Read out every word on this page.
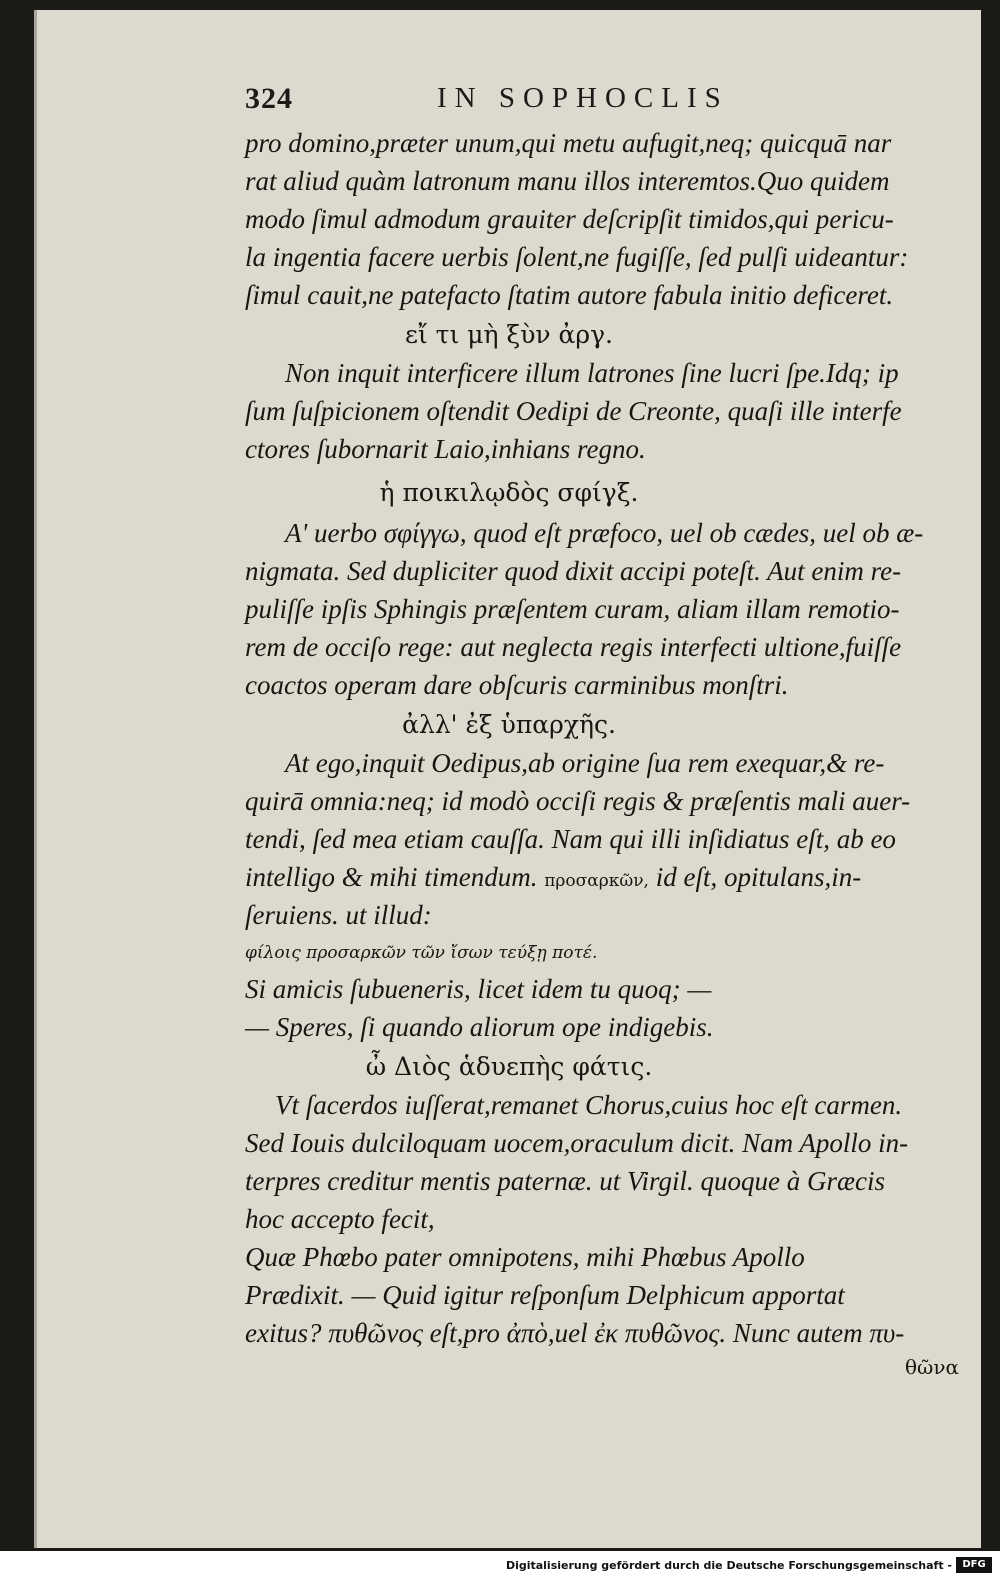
324	IN SOPHOCLIS
pro domino,præter unum,qui metu aufugit,neq; quicquā nar
rat aliud quàm latronum manu illos interemtos.Quo quidem
modo ſimul admodum grauiter deſcripſit timidos,qui pericu-
la ingentia facere uerbis ſolent,ne fugiſſe, ſed pulſi uideantur:
ſimul cauit,ne patefacto ſtatim autore fabula initio deficeret.
εἴ τι μὴ ξὺν ἀργ.
Non inquit interficere illum latrones ſine lucri ſpe.Idq; ip
ſum ſuſpicionem oſtendit Oedipi de Creonte, quaſi ille interfe
ctores ſubornarit Laio,inhians regno.
ἡ ποικιλῳδὸς σφίγξ.
A' uerbo σφίγγω, quod eſt præfoco, uel ob cædes, uel ob æ-
nigmata. Sed dupliciter quod dixit accipi poteſt. Aut enim re-
puliſſe ipſis Sphingis præſentem curam, aliam illam remotio-
rem de occiſo rege: aut neglecta regis interfecti ultione,fuiſſe
coactos operam dare obſcuris carminibus monſtri.
ἀλλ' ἐξ ὑπαρχῆς.
At ego,inquit Oedipus,ab origine ſua rem exequar,& re-
quirā omnia:neq; id modò occiſi regis & præſentis mali auer-
tendi, ſed mea etiam cauſſa. Nam qui illi inſidiatus eſt, ab eo
intelligo & mihi timendum. προσαρκῶν, id eſt, opitulans,in-
ſeruiens. ut illud:
φίλοις προσαρκῶν τῶν ἴσων τεύξῃ ποτέ.
Si amicis ſubueneris, licet idem tu quoq; —
— Speres, ſi quando aliorum ope indigebis.
ὦ Διὸς ἁδυεπὴς φάτις.
Vt ſacerdos iuſſerat,remanet Chorus,cuius hoc eſt carmen.
Sed Iouis dulciloquam uocem,oraculum dicit. Nam Apollo in-
terpres creditur mentis paternæ. ut Virgil. quoque à Græcis
hoc accepto fecit,
Quæ Phœbo pater omnipotens, mihi Phœbus Apollo
Prædixit. — Quid igitur reſponſum Delphicum apportat
exitus? πυθῶνος eſt,pro ἀπὸ,uel ἐκ πυθῶνος. Nunc autem πυ-
θῶνα
Digitalisierung gefördert durch die Deutsche Forschungsgemeinschaft -	DFG
